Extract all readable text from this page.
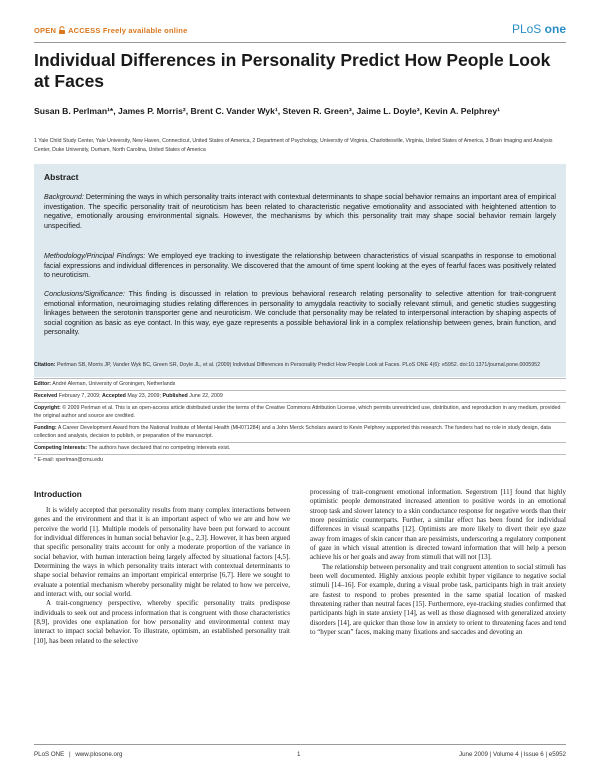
OPEN ACCESS Freely available online	PLoS one
Individual Differences in Personality Predict How People Look at Faces
Susan B. Perlman¹*, James P. Morris², Brent C. Vander Wyk¹, Steven R. Green³, Jaime L. Doyle³, Kevin A. Pelphrey¹
1 Yale Child Study Center, Yale University, New Haven, Connecticut, United States of America, 2 Department of Psychology, University of Virginia, Charlottesville, Virginia, United States of America, 3 Brain Imaging and Analysis Center, Duke University, Durham, North Carolina, United States of America
Abstract

Background: Determining the ways in which personality traits interact with contextual determinants to shape social behavior remains an important area of empirical investigation. The specific personality trait of neuroticism has been related to characteristic negative emotionality and associated with heightened attention to negative, emotionally arousing environmental signals. However, the mechanisms by which this personality trait may shape social behavior remain largely unspecified.

Methodology/Principal Findings: We employed eye tracking to investigate the relationship between characteristics of visual scanpaths in response to emotional facial expressions and individual differences in personality. We discovered that the amount of time spent looking at the eyes of fearful faces was positively related to neuroticism.

Conclusions/Significance: This finding is discussed in relation to previous behavioral research relating personality to selective attention for trait-congruent emotional information, neuroimaging studies relating differences in personality to amygdala reactivity to socially relevant stimuli, and genetic studies suggesting linkages between the serotonin transporter gene and neuroticism. We conclude that personality may be related to interpersonal interaction by shaping aspects of social cognition as basic as eye contact. In this way, eye gaze represents a possible behavioral link in a complex relationship between genes, brain function, and personality.

Citation: Perlman SB, Morris JP, Vander Wyk BC, Green SR, Doyle JL, et al. (2009) Individual Differences in Personality Predict How People Look at Faces. PLoS ONE 4(6): e5952. doi:10.1371/journal.pone.0005952

Editor: André Aleman, University of Groningen, Netherlands

Received February 7, 2009; Accepted May 23, 2009; Published June 22, 2009

Copyright: © 2009 Perlman et al. This is an open-access article distributed under the terms of the Creative Commons Attribution License, which permits unrestricted use, distribution, and reproduction in any medium, provided the original author and source are credited.

Funding: A Career Development Award from the National Institute of Mental Health (MH071284) and a John Merck Scholars award to Kevin Pelphrey supported this research. The funders had no role in study design, data collection and analysis, decision to publish, or preparation of the manuscript.

Competing Interests: The authors have declared that no competing interests exist.

* E-mail: sperlman@cmu.edu

Introduction

It is widely accepted that personality results from many complex interactions between genes and the environment and that it is an important aspect of who we are and how we perceive the world [1]. Multiple models of personality have been put forward to account for individual differences in human social behavior [e.g., 2,3]. However, it has been argued that specific personality traits account for only a moderate proportion of the variance in social behavior, with human interaction being largely affected by situational factors [4,5]. Determining the ways in which personality traits interact with contextual determinants to shape social behavior remains an important empirical enterprise [6,7]. Here we sought to evaluate a potential mechanism whereby personality might be related to how we perceive, and interact with, our social world.

A trait-congruency perspective, whereby specific personality traits predispose individuals to seek out and process information that is congruent with those characteristics [8,9], provides one explanation for how personality and environmental context may interact to impact social behavior. To illustrate, optimism, an established personality trait [10], has been related to the selective

processing of trait-congruent emotional information. Segerstrom [11] found that highly optimistic people demonstrated increased attention to positive words in an emotional stroop task and slower latency to a skin conductance response for negative words than their more pessimistic counterparts. Further, a similar effect has been found for individual differences in visual scanpaths [12]. Optimists are more likely to divert their eye gaze away from images of skin cancer than are pessimists, underscoring a regulatory component of gaze in which visual attention is directed toward information that will help a person achieve his or her goals and away from stimuli that will not [13].

The relationship between personality and trait congruent attention to social stimuli has been well documented. Highly anxious people exhibit hyper vigilance to negative social stimuli [14–16]. For example, during a visual probe task, participants high in trait anxiety are fastest to respond to probes presented in the same spatial location of masked threatening rather than neutral faces [15]. Furthermore, eye-tracking studies confirmed that participants high in state anxiety [14], as well as those diagnosed with generalized anxiety disorders [14], are quicker than those low in anxiety to orient to threatening faces and tend to “hyper scan” faces, making many fixations and saccades and devoting an

PLoS ONE | www.plosone.org	1	June 2009 | Volume 4 | Issue 6 | e5952
